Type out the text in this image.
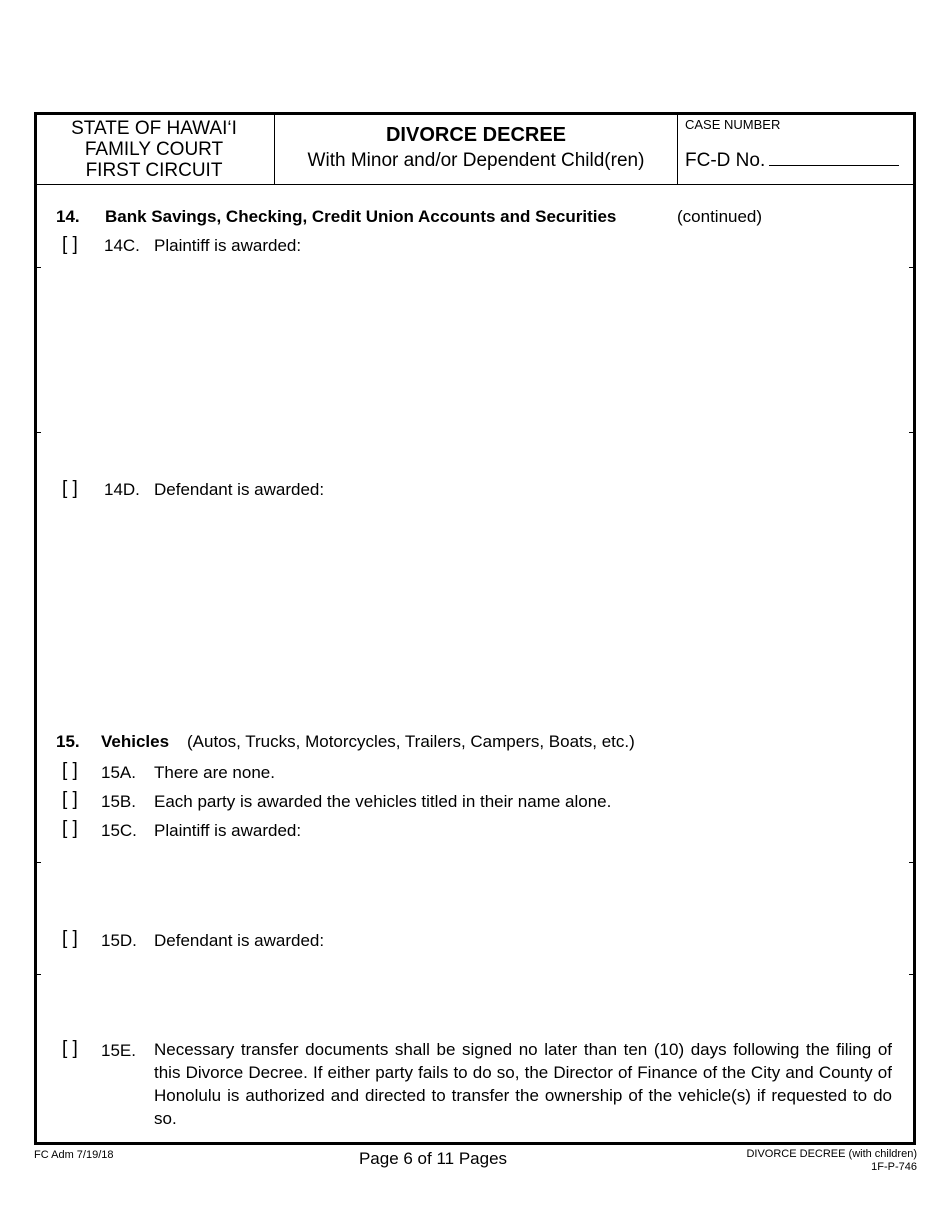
STATE OF HAWAI‘I
FAMILY COURT
FIRST CIRCUIT
DIVORCE DECREE
With Minor and/or Dependent Child(ren)
CASE NUMBER
FC-D No.
14. Bank Savings, Checking, Credit Union Accounts and Securities	(continued)
[ ] 14C. Plaintiff is awarded:
[ ] 14D. Defendant is awarded:
15. Vehicles (Autos, Trucks, Motorcycles, Trailers, Campers, Boats, etc.)
[ ] 15A. There are none.
[ ] 15B. Each party is awarded the vehicles titled in their name alone.
[ ] 15C. Plaintiff is awarded:
[ ] 15D. Defendant is awarded:
[ ] 15E. Necessary transfer documents shall be signed no later than ten (10) days following the filing of this Divorce Decree. If either party fails to do so, the Director of Finance of the City and County of Honolulu is authorized and directed to transfer the ownership of the vehicle(s) if requested to do so.
FC Adm 7/19/18	Page 6 of 11 Pages	DIVORCE DECREE (with children)
1F-P-746
